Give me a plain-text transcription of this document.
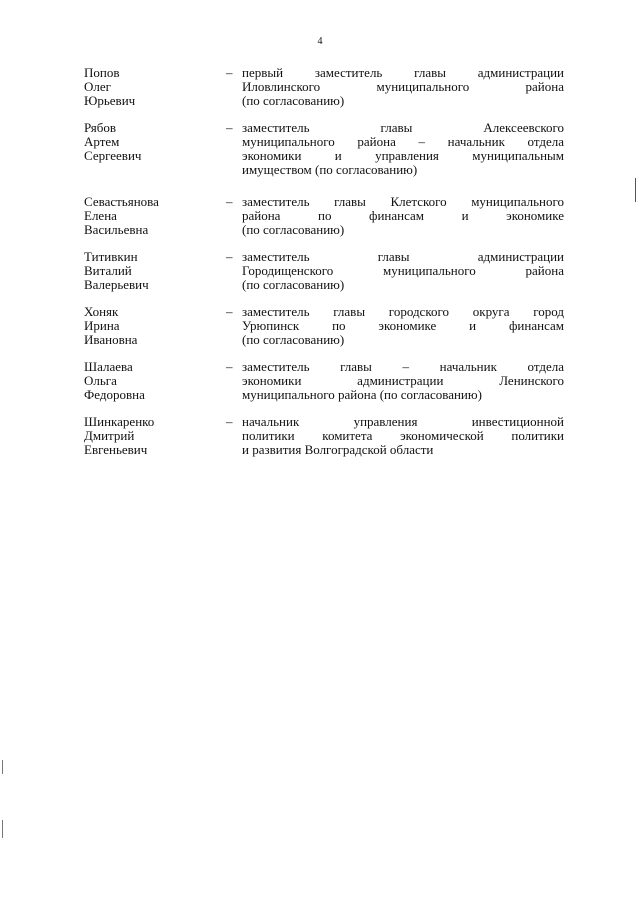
4
Попов
Олег
Юрьевич
– первый заместитель главы администрации
Иловлинского муниципального района
(по согласованию)
Рябов
Артем
Сергеевич
– заместитель главы Алексеевского
муниципального района – начальник отдела
экономики и управления муниципальным
имуществом (по согласованию)
Севастьянова
Елена
Васильевна
– заместитель главы Клетского муниципального
района по финансам и экономике
(по согласованию)
Титивкин
Виталий
Валерьевич
– заместитель главы администрации
Городищенского муниципального района
(по согласованию)
Хоняк
Ирина
Ивановна
– заместитель главы городского округа город
Урюпинск по экономике и финансам
(по согласованию)
Шалаева
Ольга
Федоровна
– заместитель главы – начальник отдела
экономики администрации Ленинского
муниципального района (по согласованию)
Шинкаренко
Дмитрий
Евгеньевич
– начальник управления инвестиционной
политики комитета экономической политики
и развития Волгоградской области
